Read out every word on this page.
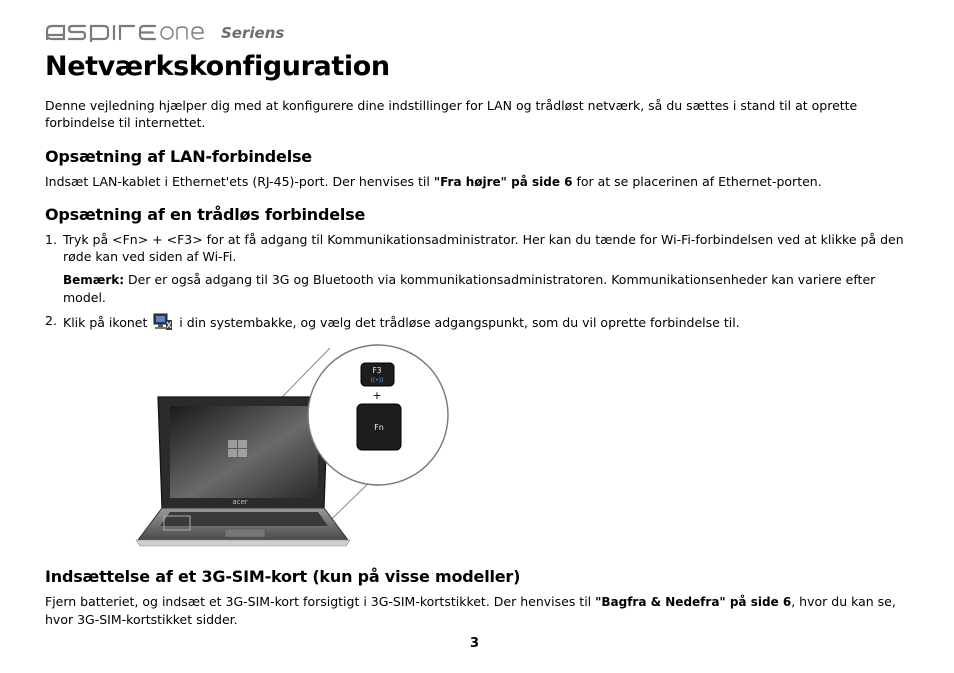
Seriens
Netværkskonfiguration

Denne vejledning hjælper dig med at konfigurere dine indstillinger for LAN og trådløst netværk, så du sættes i stand til at oprette forbindelse til internettet.

Opsætning af LAN-forbindelse

Indsæt LAN-kablet i Ethernet'ets (RJ-45)-port. Der henvises til "Fra højre" på side 6 for at se placerinen af Ethernet-porten.

Opsætning af en trådløs forbindelse
1. Tryk på <Fn> + <F3> for at få adgang til Kommunikationsadministrator. Her kan du tænde for Wi-Fi-forbindelsen ved at klikke på den røde kan ved siden af Wi-Fi.

Bemærk: Der er også adgang til 3G og Bluetooth via kommunikationsadministratoren. Kommunikationsenheder kan variere efter model.

2. Klik på ikonet  i din systembakke, og vælg det trådløse adgangspunkt, som du vil oprette forbindelse til.
acer
F3
((•))
+
Fn
Indsættelse af et 3G-SIM-kort (kun på visse modeller)

Fjern batteriet, og indsæt et 3G-SIM-kort forsigtigt i 3G-SIM-kortstikket. Der henvises til "Bagfra & Nedefra" på side 6, hvor du kan se, hvor 3G-SIM-kortstikket sidder.

3
